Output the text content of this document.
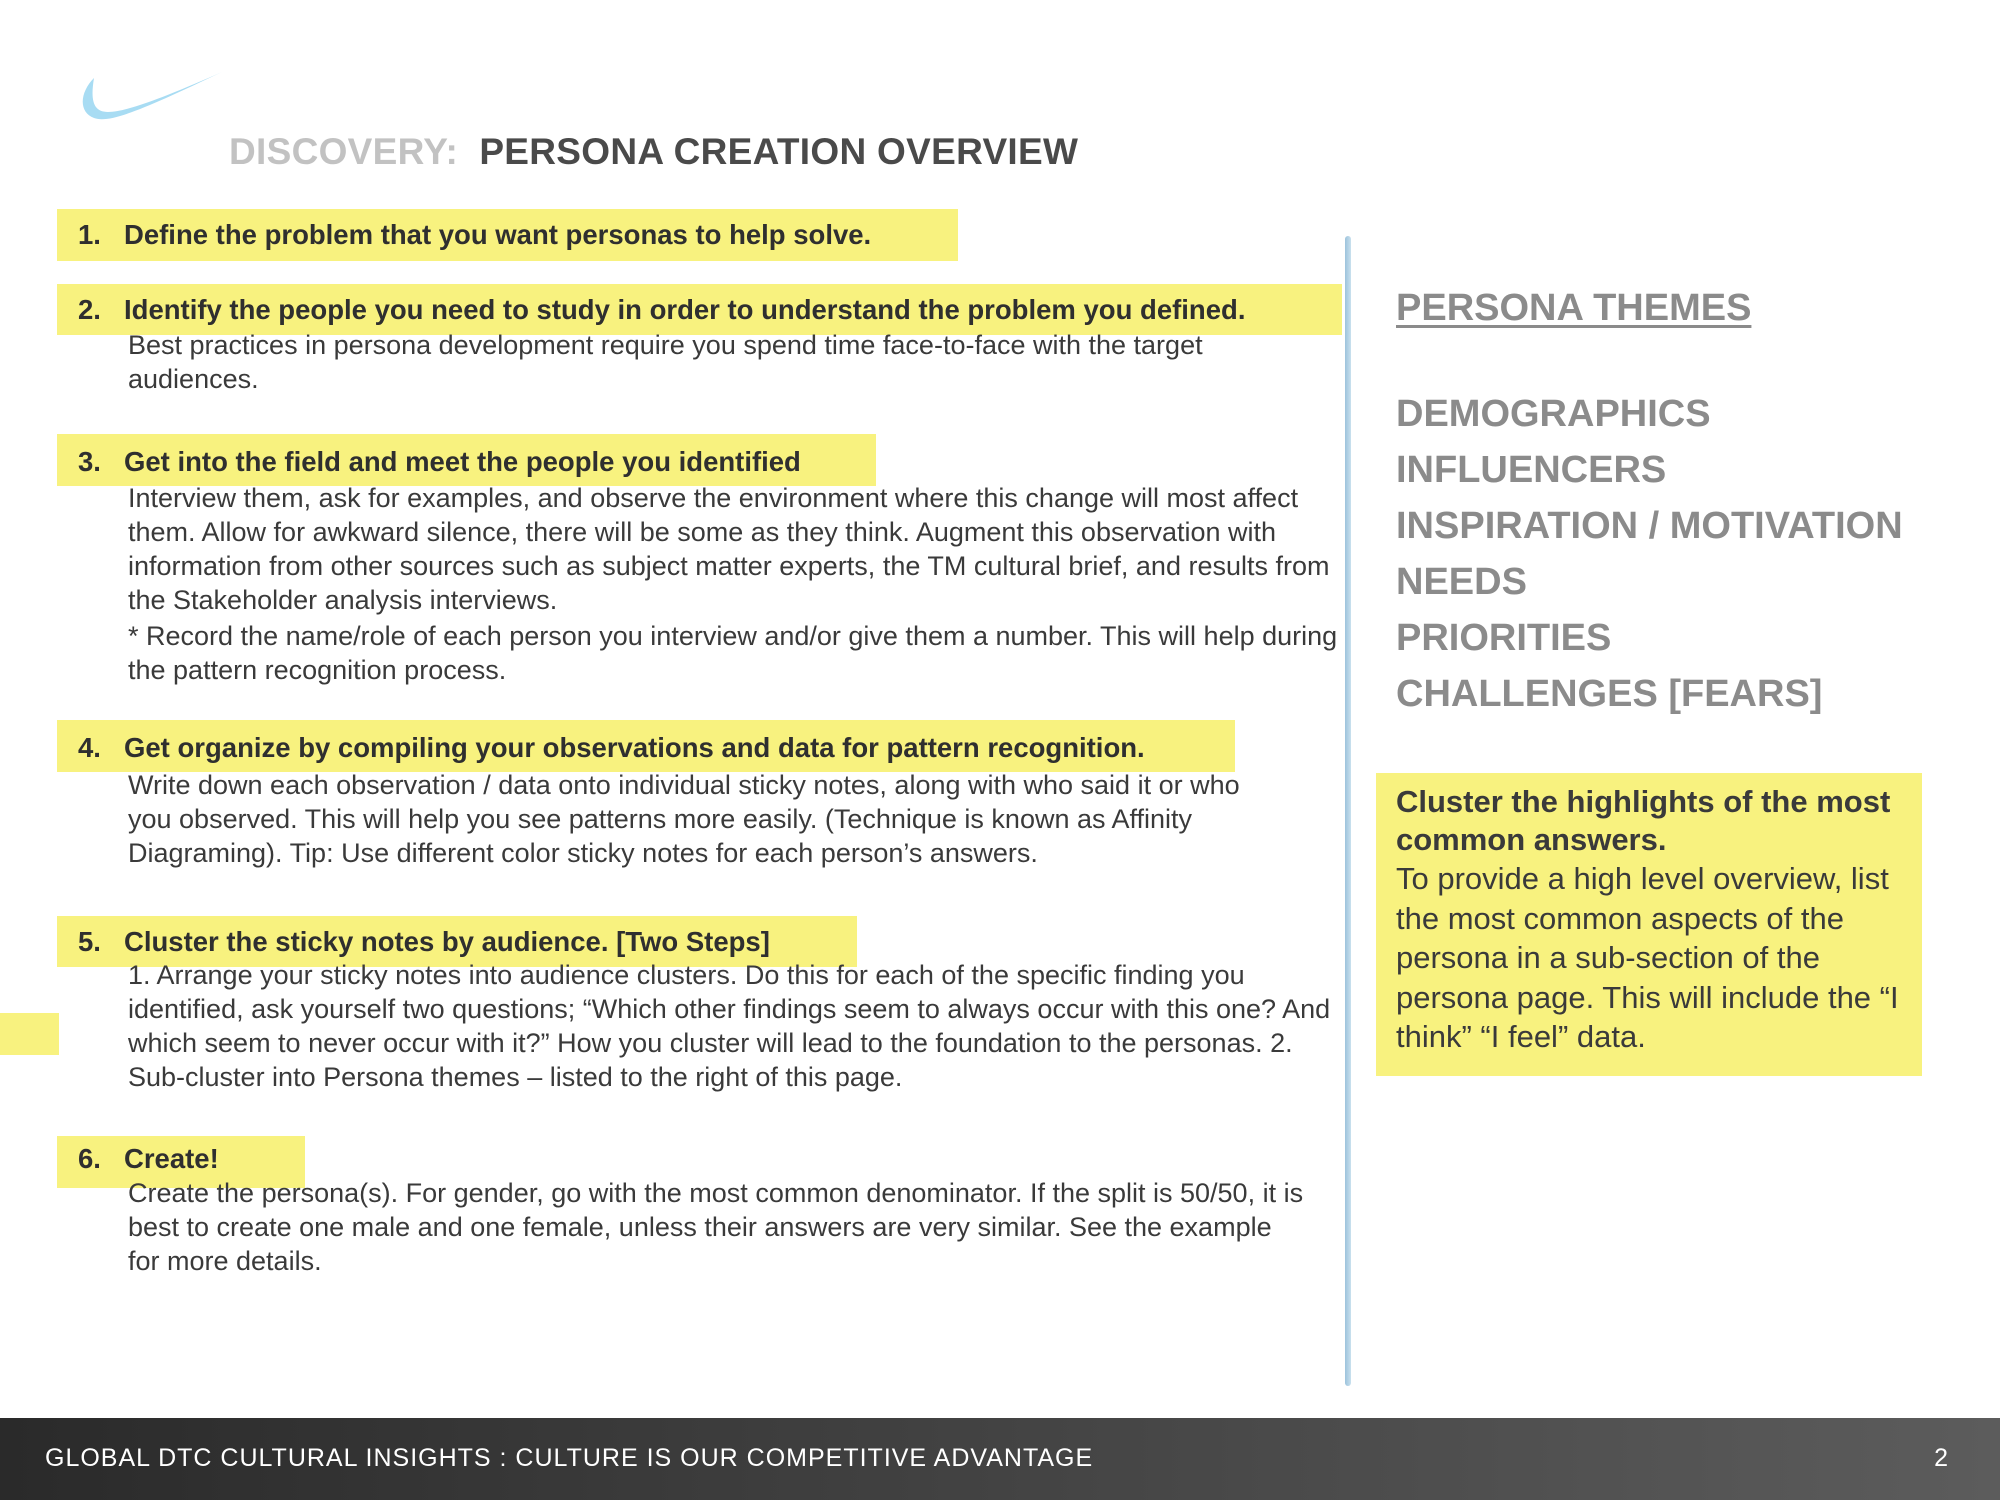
DISCOVERY: PERSONA CREATION OVERVIEW

1. Define the problem that you want personas to help solve.

2. Identify the people you need to study in order to understand the problem you defined.

Best practices in persona development require you spend time face-to-face with the target audiences.

3. Get into the field and meet the people you identified

Interview them, ask for examples, and observe the environment where this change will most affect them. Allow for awkward silence, there will be some as they think. Augment this observation with information from other sources such as subject matter experts, the TM cultural brief, and results from the Stakeholder analysis interviews.

* Record the name/role of each person you interview and/or give them a number. This will help during the pattern recognition process.

4. Get organize by compiling your observations and data for pattern recognition.

Write down each observation / data onto individual sticky notes, along with who said it or who you observed. This will help you see patterns more easily. (Technique is known as Affinity Diagraming). Tip: Use different color sticky notes for each person’s answers.

5. Cluster the sticky notes by audience. [Two Steps]

1. Arrange your sticky notes into audience clusters. Do this for each of the specific finding you identified, ask yourself two questions; “Which other findings seem to always occur with this one? And which seem to never occur with it?” How you cluster will lead to the foundation to the personas. 2. Sub-cluster into Persona themes – listed to the right of this page.

6. Create!

Create the persona(s). For gender, go with the most common denominator. If the split is 50/50, it is best to create one male and one female, unless their answers are very similar. See the example for more details.

PERSONA THEMES

DEMOGRAPHICS
INFLUENCERS
INSPIRATION / MOTIVATION
NEEDS
PRIORITIES
CHALLENGES [FEARS]

Cluster the highlights of the most common answers.

To provide a high level overview, list the most common aspects of the persona in a sub-section of the persona page. This will include the “I think” “I feel” data.

GLOBAL DTC CULTURAL INSIGHTS : CULTURE IS OUR COMPETITIVE ADVANTAGE	2
